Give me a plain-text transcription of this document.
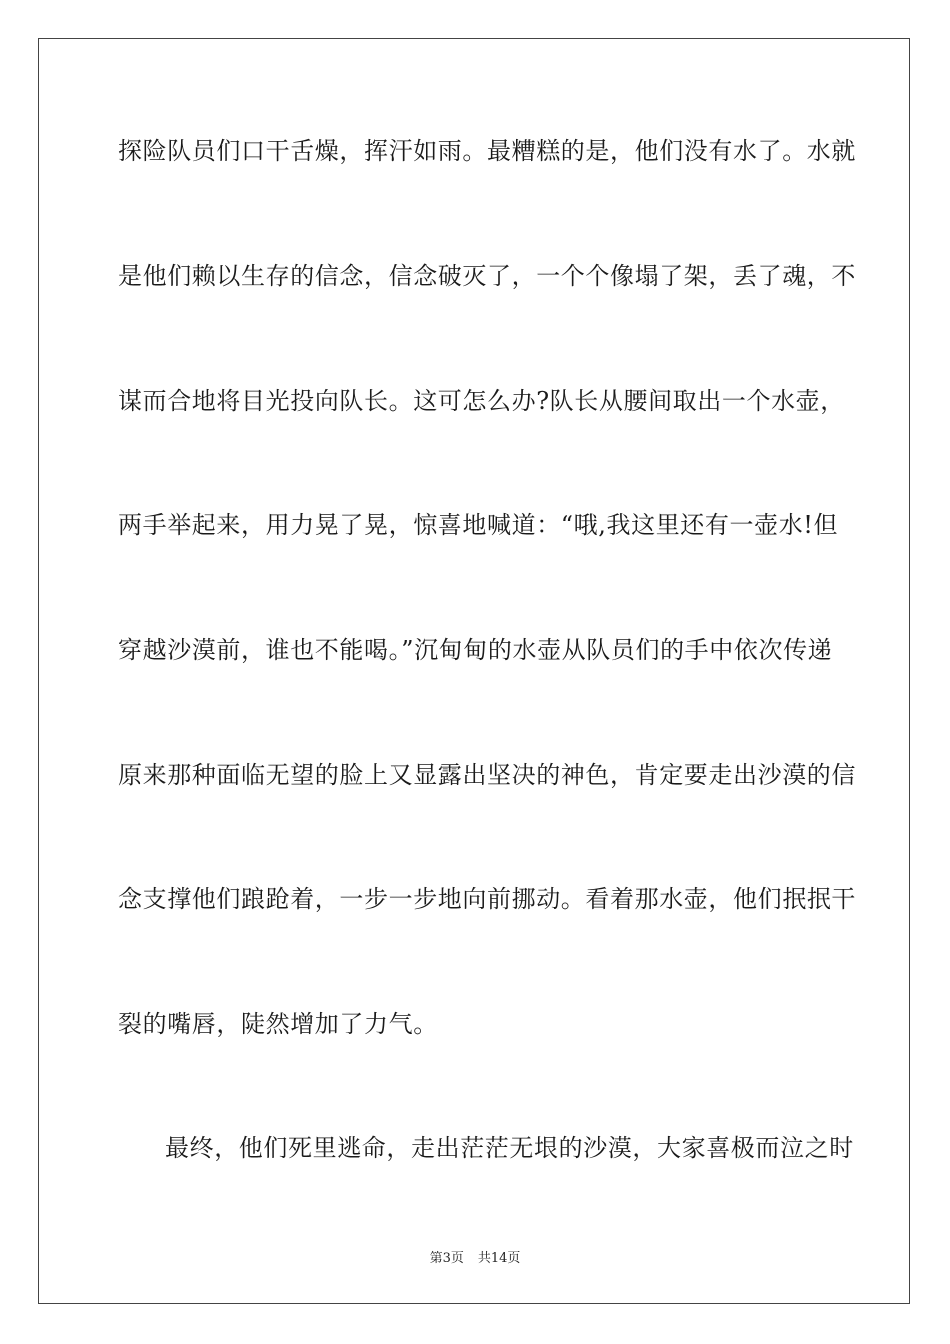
探险队员们口干舌燥，挥汗如雨。最糟糕的是，他们没有水了。水就
是他们赖以生存的信念，信念破灭了，一个个像塌了架，丢了魂，不
谋而合地将目光投向队长。这可怎么办?队长从腰间取出一个水壶，
两手举起来，用力晃了晃，惊喜地喊道：“哦,我这里还有一壶水!但
穿越沙漠前，谁也不能喝。”沉甸甸的水壶从队员们的手中依次传递
原来那种面临无望的脸上又显露出坚决的神色，肯定要走出沙漠的信
念支撑他们踉跄着，一步一步地向前挪动。看着那水壶，他们抿抿干
裂的嘴唇，陡然增加了力气。
最终，他们死里逃命，走出茫茫无垠的沙漠，大家喜极而泣之时
第3页 共14页
